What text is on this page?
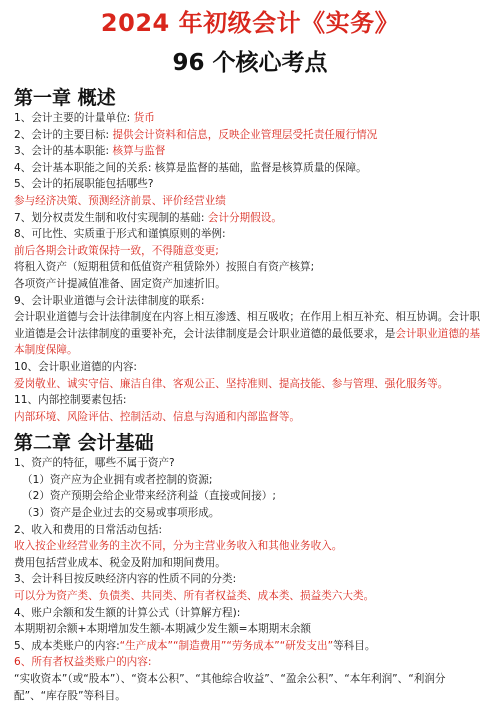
2024 年初级会计《实务》
96 个核心考点
第一章 概述
1、会计主要的计量单位: 货币
2、会计的主要目标: 提供会计资料和信息，反映企业管理层受托责任履行情况
3、会计的基本职能: 核算与监督
4、会计基本职能之间的关系: 核算是监督的基础，监督是核算质量的保障。
5、会计的拓展职能包括哪些?
参与经济决策、预测经济前景、评价经营业绩
7、划分权责发生制和收付实现制的基础: 会计分期假设。
8、可比性、实质重于形式和谨慎原则的举例:
前后各期会计政策保持一致，不得随意变更;
将租入资产（短期租赁和低值资产租赁除外）按照自有资产核算;
各项资产计提减值准备、固定资产加速折旧。
9、会计职业道德与会计法律制度的联系:
会计职业道德与会计法律制度在内容上相互渗透、相互吸收；在作用上相互补充、相互协调。会计职业道德是会计法律制度的重要补充，会计法律制度是会计职业道德的最低要求，是会计职业道德的基本制度保障。
10、会计职业道德的内容:
爱岗敬业、诚实守信、廉洁自律、客观公正、坚持准则、提高技能、参与管理、强化服务等。
11、内部控制要素包括:
内部环境、风险评估、控制活动、信息与沟通和内部监督等。
第二章 会计基础
1、资产的特征，哪些不属于资产?
（1）资产应为企业拥有或者控制的资源;
（2）资产预期会给企业带来经济利益（直接或间接）;
（3）资产是企业过去的交易或事项形成。
2、收入和费用的日常活动包括:
收入按企业经营业务的主次不同，分为主营业务收入和其他业务收入。
费用包括营业成本、税金及附加和期间费用。
3、会计科目按反映经济内容的性质不同的分类:
可以分为资产类、负债类、共同类、所有者权益类、成本类、损益类六大类。
4、账户余额和发生额的计算公式（计算解方程):
本期期初余额+本期增加发生额-本期减少发生额=本期期末余额
5、成本类账户的内容:“生产成本”“制造费用”“劳务成本”“研发支出”等科目。
6、所有者权益类账户的内容:
“实收资本”（或“股本”）、“资本公积”、“其他综合收益”、“盈余公积”、“本年利润”、“利润分配”、“库存股”等科目。
